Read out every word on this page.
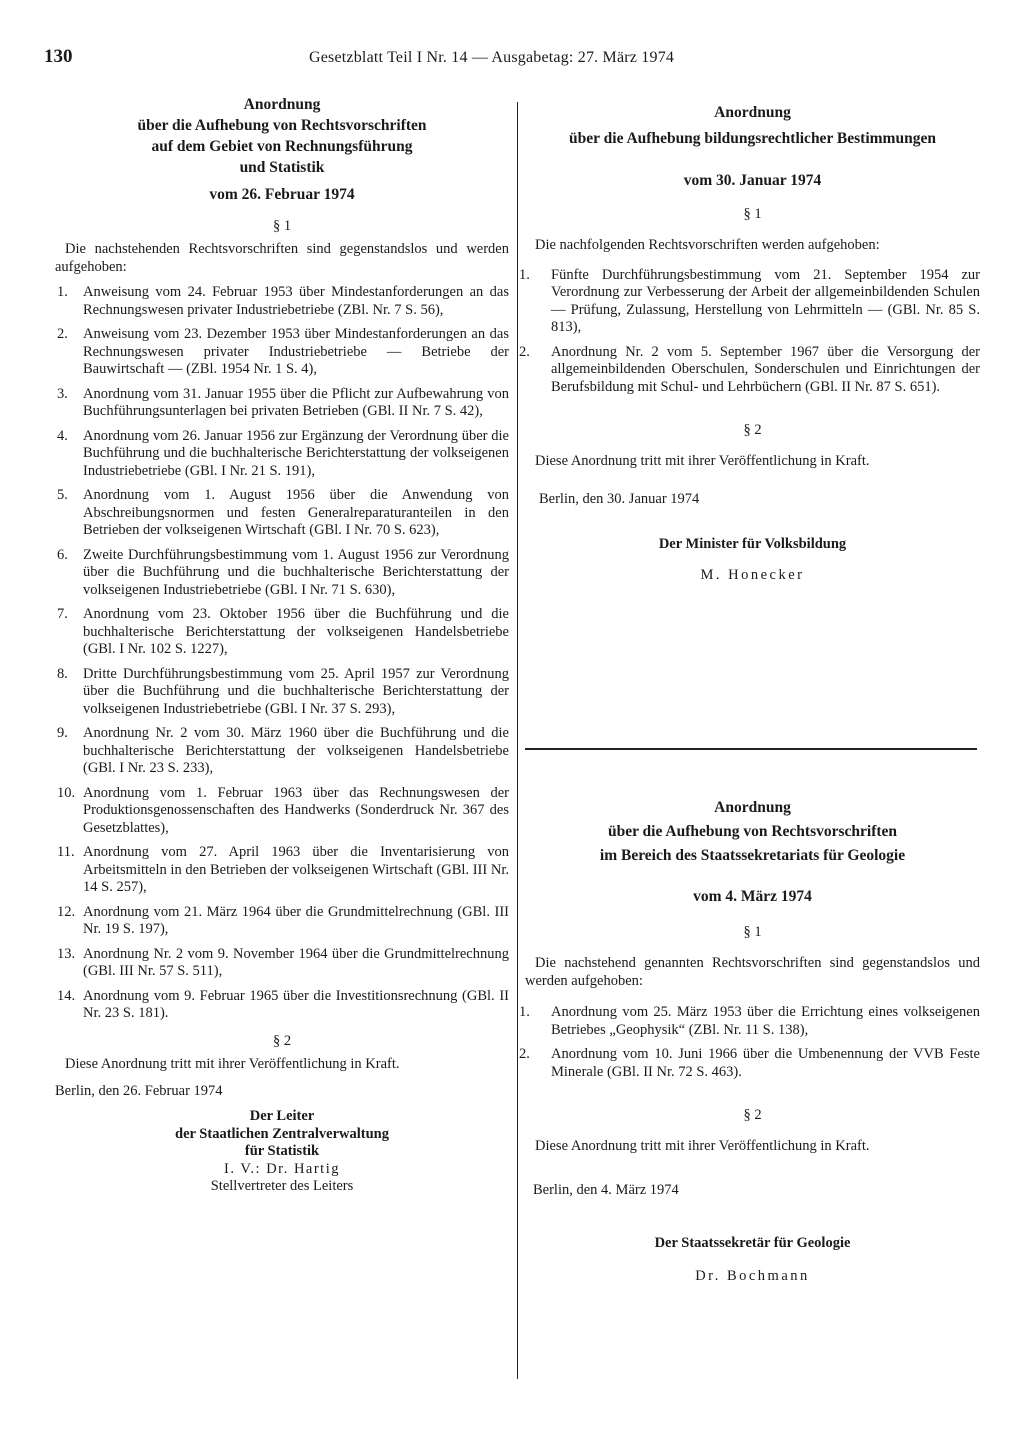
130	Gesetzblatt Teil I Nr. 14 — Ausgabetag: 27. März 1974

Anordnung

über die Aufhebung von Rechtsvorschriften

auf dem Gebiet von Rechnungsführung

und Statistik

vom 26. Februar 1974

§ 1

Die nachstehenden Rechtsvorschriften sind gegenstandslos und werden aufgehoben:

1. Anweisung vom 24. Februar 1953 über Mindestanforderungen an das Rechnungswesen privater Industriebetriebe (ZBl. Nr. 7 S. 56),
2. Anweisung vom 23. Dezember 1953 über Mindestanforderungen an das Rechnungswesen privater Industriebetriebe — Betriebe der Bauwirtschaft — (ZBl. 1954 Nr. 1 S. 4),
3. Anordnung vom 31. Januar 1955 über die Pflicht zur Aufbewahrung von Buchführungsunterlagen bei privaten Betrieben (GBl. II Nr. 7 S. 42),
4. Anordnung vom 26. Januar 1956 zur Ergänzung der Verordnung über die Buchführung und die buchhalterische Berichterstattung der volkseigenen Industriebetriebe (GBl. I Nr. 21 S. 191),
5. Anordnung vom 1. August 1956 über die Anwendung von Abschreibungsnormen und festen Generalreparaturanteilen in den Betrieben der volkseigenen Wirtschaft (GBl. I Nr. 70 S. 623),
6. Zweite Durchführungsbestimmung vom 1. August 1956 zur Verordnung über die Buchführung und die buchhalterische Berichterstattung der volkseigenen Industriebetriebe (GBl. I Nr. 71 S. 630),
7. Anordnung vom 23. Oktober 1956 über die Buchführung und die buchhalterische Berichterstattung der volkseigenen Handelsbetriebe (GBl. I Nr. 102 S. 1227),
8. Dritte Durchführungsbestimmung vom 25. April 1957 zur Verordnung über die Buchführung und die buchhalterische Berichterstattung der volkseigenen Industriebetriebe (GBl. I Nr. 37 S. 293),
9. Anordnung Nr. 2 vom 30. März 1960 über die Buchführung und die buchhalterische Berichterstattung der volkseigenen Handelsbetriebe (GBl. I Nr. 23 S. 233),
10. Anordnung vom 1. Februar 1963 über das Rechnungswesen der Produktionsgenossenschaften des Handwerks (Sonderdruck Nr. 367 des Gesetzblattes),
11. Anordnung vom 27. April 1963 über die Inventarisierung von Arbeitsmitteln in den Betrieben der volkseigenen Wirtschaft (GBl. III Nr. 14 S. 257),
12. Anordnung vom 21. März 1964 über die Grundmittelrechnung (GBl. III Nr. 19 S. 197),
13. Anordnung Nr. 2 vom 9. November 1964 über die Grundmittelrechnung (GBl. III Nr. 57 S. 511),
14. Anordnung vom 9. Februar 1965 über die Investitionsrechnung (GBl. II Nr. 23 S. 181).

§ 2

Diese Anordnung tritt mit ihrer Veröffentlichung in Kraft.

Berlin, den 26. Februar 1974

Der Leiter

der Staatlichen Zentralverwaltung

für Statistik

I. V.: Dr. Hartig

Stellvertreter des Leiters

Anordnung

über die Aufhebung bildungsrechtlicher Bestimmungen

vom 30. Januar 1974

§ 1

Die nachfolgenden Rechtsvorschriften werden aufgehoben:

1. Fünfte Durchführungsbestimmung vom 21. September 1954 zur Verordnung zur Verbesserung der Arbeit der allgemeinbildenden Schulen — Prüfung, Zulassung, Herstellung von Lehrmitteln — (GBl. Nr. 85 S. 813),
2. Anordnung Nr. 2 vom 5. September 1967 über die Versorgung der allgemeinbildenden Oberschulen, Sonderschulen und Einrichtungen der Berufsbildung mit Schul- und Lehrbüchern (GBl. II Nr. 87 S. 651).

§ 2

Diese Anordnung tritt mit ihrer Veröffentlichung in Kraft.

Berlin, den 30. Januar 1974

Der Minister für Volksbildung

M. Honecker

Anordnung

über die Aufhebung von Rechtsvorschriften

im Bereich des Staatssekretariats für Geologie

vom 4. März 1974

§ 1

Die nachstehend genannten Rechtsvorschriften sind gegenstandslos und werden aufgehoben:

1. Anordnung vom 25. März 1953 über die Errichtung eines volkseigenen Betriebes „Geophysik“ (ZBl. Nr. 11 S. 138),
2. Anordnung vom 10. Juni 1966 über die Umbenennung der VVB Feste Minerale (GBl. II Nr. 72 S. 463).

§ 2

Diese Anordnung tritt mit ihrer Veröffentlichung in Kraft.

Berlin, den 4. März 1974

Der Staatssekretär für Geologie

Dr. Bochmann
